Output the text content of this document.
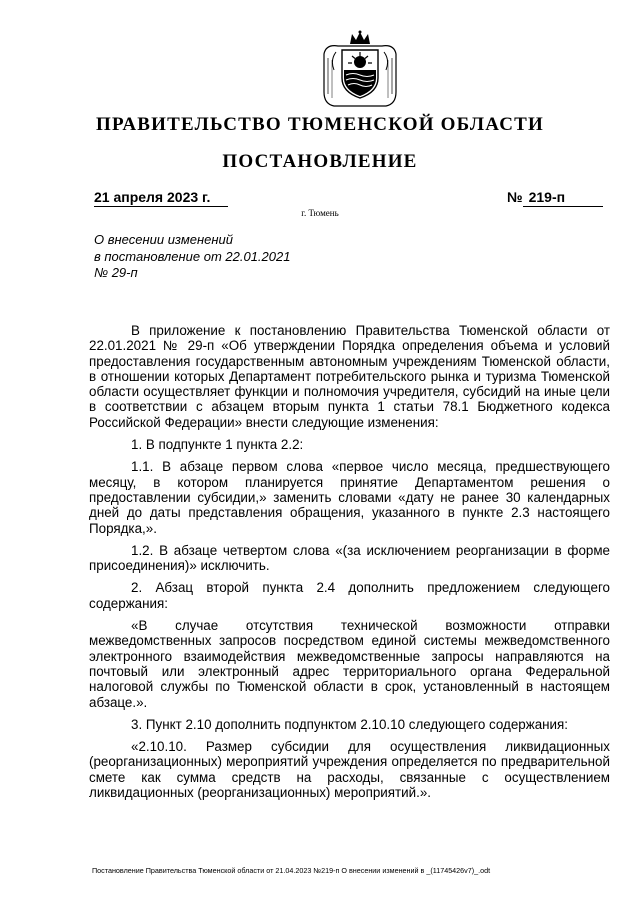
ПРАВИТЕЛЬСТВО ТЮМЕНСКОЙ ОБЛАСТИ
ПОСТАНОВЛЕНИЕ
21 апреля 2023 г.	№ 219-п
г. Тюмень
О внесении изменений
в постановление от 22.01.2021
№ 29-п

В приложение к постановлению Правительства Тюменской области от 22.01.2021 № 29-п «Об утверждении Порядка определения объема и условий предоставления государственным автономным учреждениям Тюменской области, в отношении которых Департамент потребительского рынка и туризма Тюменской области осуществляет функции и полномочия учредителя, субсидий на иные цели в соответствии с абзацем вторым пункта 1 статьи 78.1 Бюджетного кодекса Российской Федерации» внести следующие изменения:

1. В подпункте 1 пункта 2.2:

1.1. В абзаце первом слова «первое число месяца, предшествующего месяцу, в котором планируется принятие Департаментом решения о предоставлении субсидии,» заменить словами «дату не ранее 30 календарных дней до даты представления обращения, указанного в пункте 2.3 настоящего Порядка,».

1.2. В абзаце четвертом слова «(за исключением реорганизации в форме присоединения)» исключить.

2. Абзац второй пункта 2.4 дополнить предложением следующего содержания:

«В случае отсутствия технической возможности отправки межведомственных запросов посредством единой системы межведомственного электронного взаимодействия межведомственные запросы направляются на почтовый или электронный адрес территориального органа Федеральной налоговой службы по Тюменской области в срок, установленный в настоящем абзаце.».

3. Пункт 2.10 дополнить подпунктом 2.10.10 следующего содержания:

«2.10.10. Размер субсидии для осуществления ликвидационных (реорганизационных) мероприятий учреждения определяется по предварительной смете как сумма средств на расходы, связанные с осуществлением ликвидационных (реорганизационных) мероприятий.».

Постановление Правительства Тюменской области от 21.04.2023 №219-п О внесении изменений в _(11745426v7)_.odt
